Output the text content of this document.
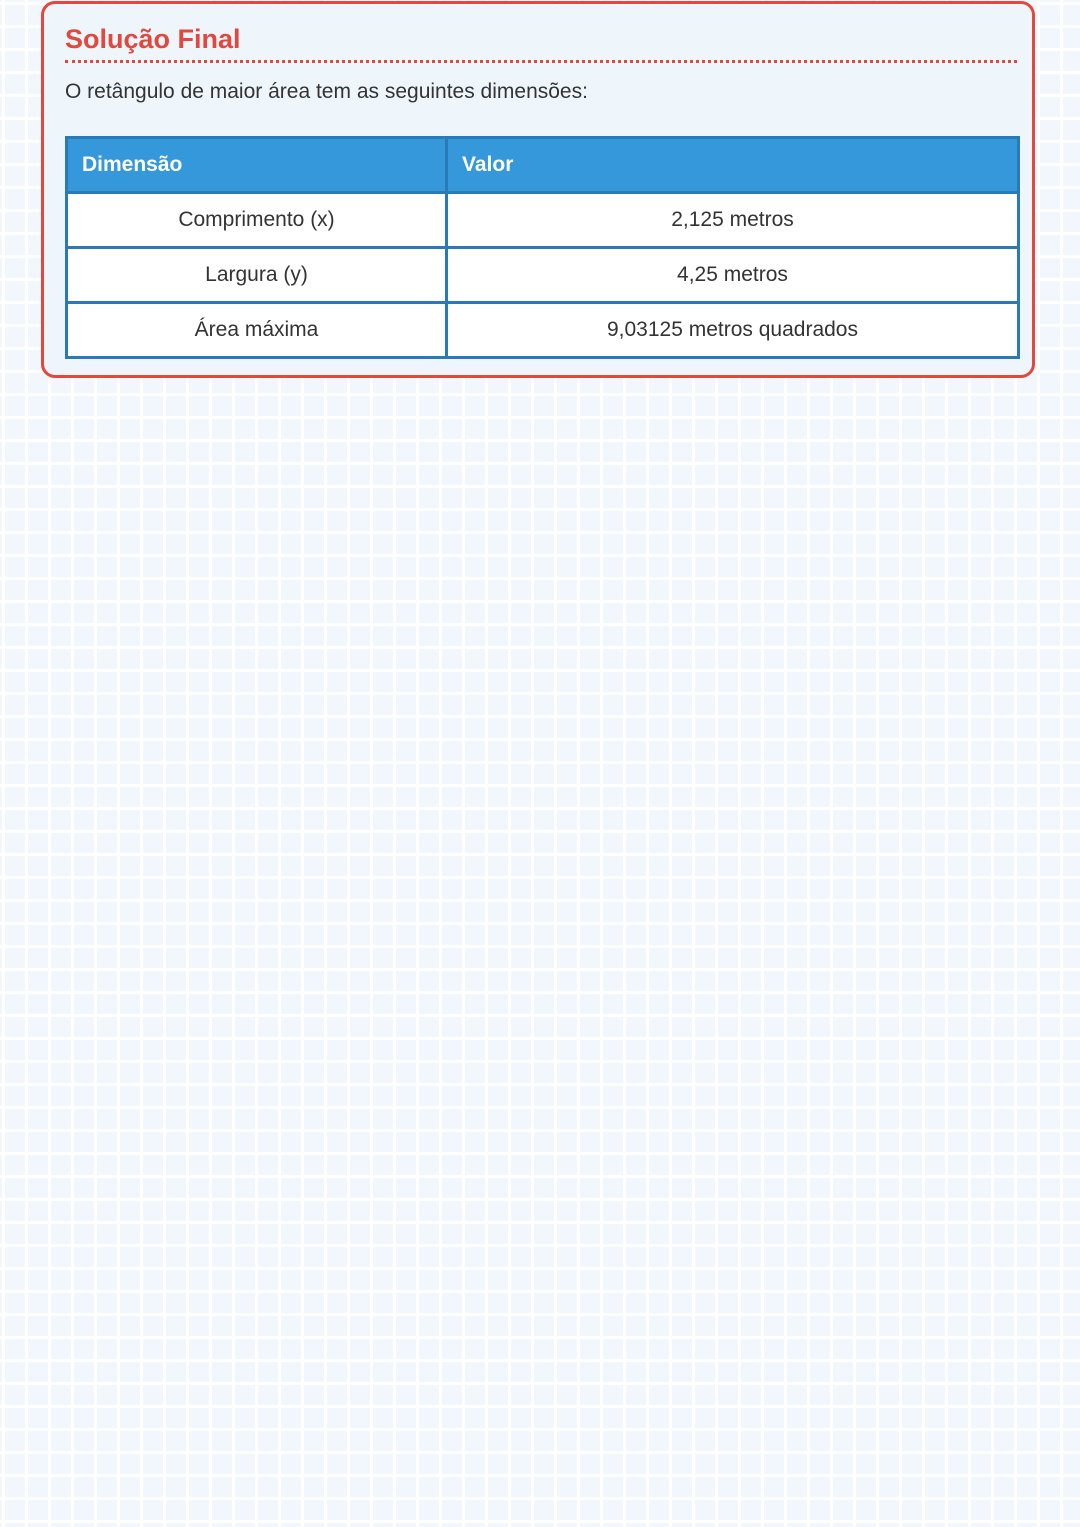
Solução Final

O retângulo de maior área tem as seguintes dimensões:

Dimensão	Valor
Comprimento (x)	2,125 metros
Largura (y)	4,25 metros
Área máxima	9,03125 metros quadrados
